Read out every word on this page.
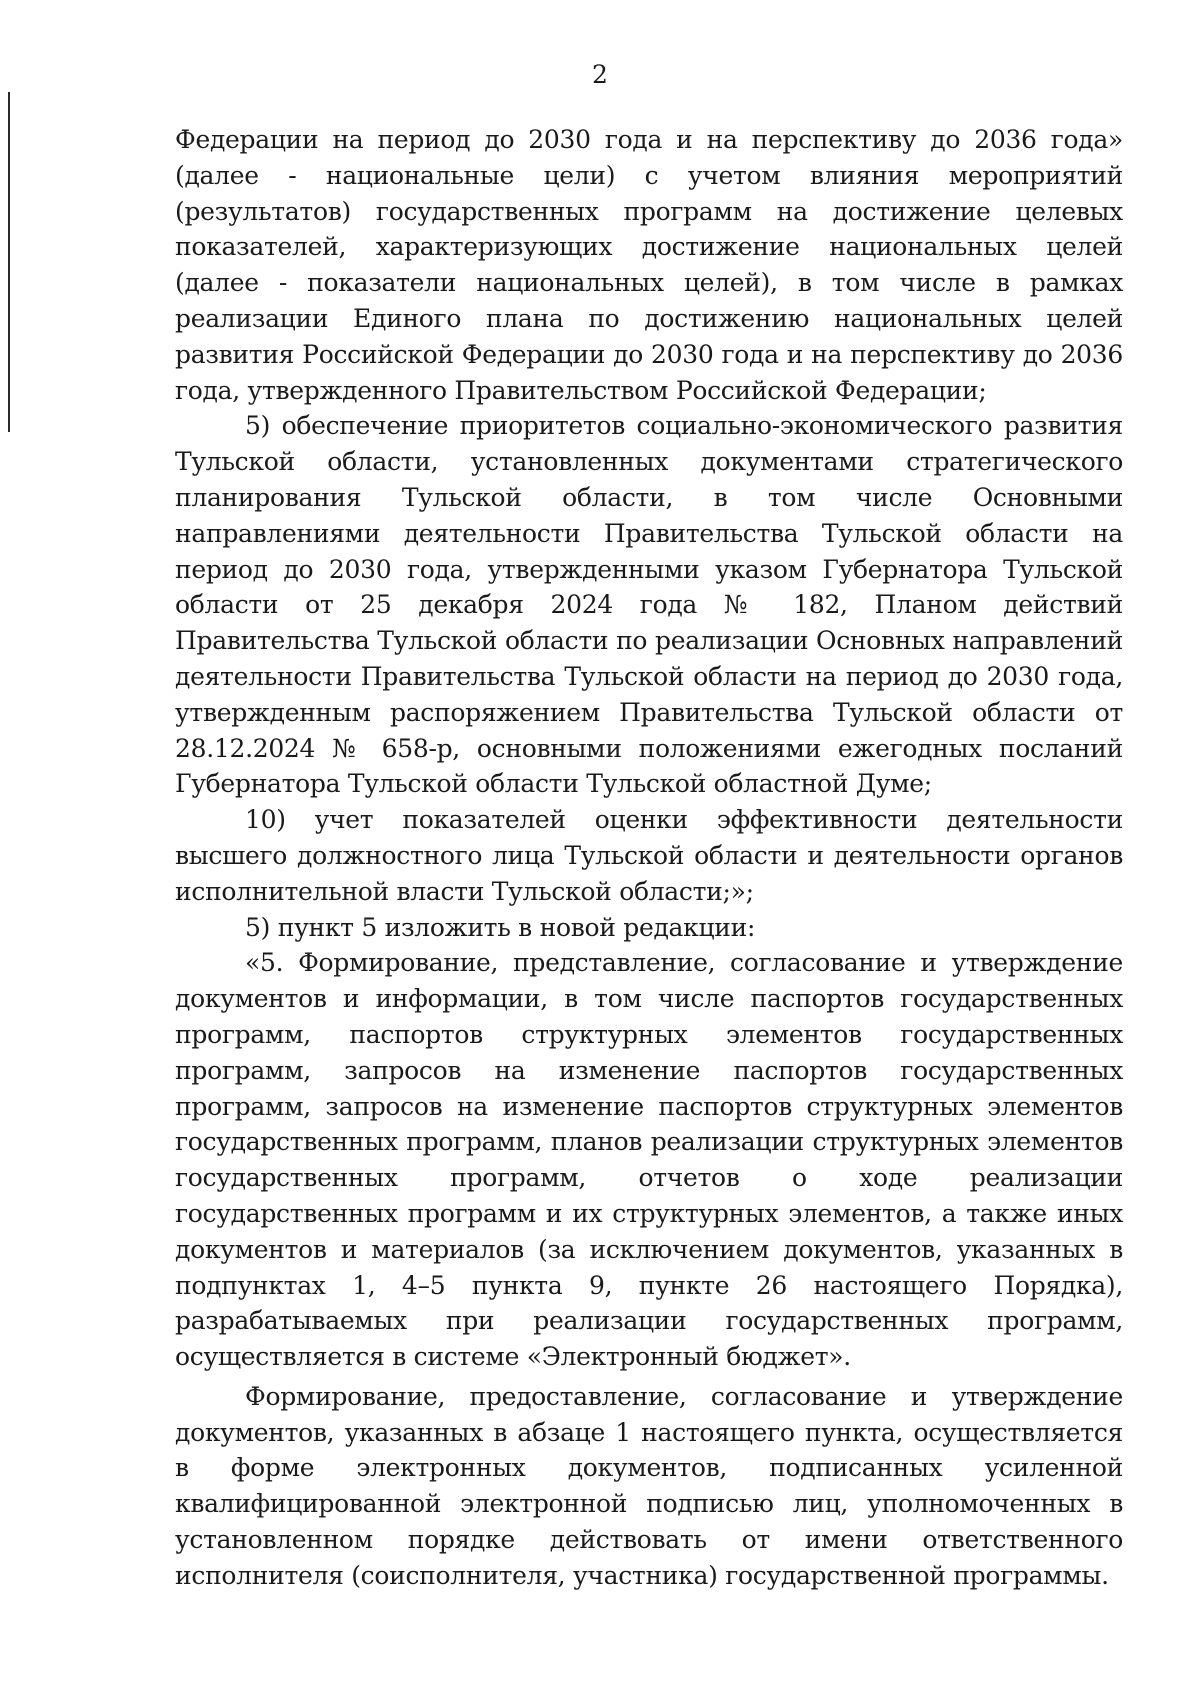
2

Федерации на период до 2030 года и на перспективу до 2036 года» (далее - национальные цели) с учетом влияния мероприятий (результатов) государственных программ на достижение целевых показателей, характеризующих достижение национальных целей (далее - показатели национальных целей), в том числе в рамках реализации Единого плана по достижению национальных целей развития Российской Федерации до 2030 года и на перспективу до 2036 года, утвержденного Правительством Российской Федерации;

5) обеспечение приоритетов социально-экономического развития Тульской области, установленных документами стратегического планирования Тульской области, в том числе Основными направлениями деятельности Правительства Тульской области на период до 2030 года, утвержденными указом Губернатора Тульской области от 25 декабря 2024 года № 182, Планом действий Правительства Тульской области по реализации Основных направлений деятельности Правительства Тульской области на период до 2030 года, утвержденным распоряжением Правительства Тульской области от 28.12.2024 № 658-р, основными положениями ежегодных посланий Губернатора Тульской области Тульской областной Думе;

10) учет показателей оценки эффективности деятельности высшего должностного лица Тульской области и деятельности органов исполнительной власти Тульской области;»;

5) пункт 5 изложить в новой редакции:

«5. Формирование, представление, согласование и утверждение документов и информации, в том числе паспортов государственных программ, паспортов структурных элементов государственных программ, запросов на изменение паспортов государственных программ, запросов на изменение паспортов структурных элементов государственных программ, планов реализации структурных элементов государственных программ, отчетов о ходе реализации государственных программ и их структурных элементов, а также иных документов и материалов (за исключением документов, указанных в подпунктах 1, 4–5 пункта 9, пункте 26 настоящего Порядка), разрабатываемых при реализации государственных программ, осуществляется в системе «Электронный бюджет».

Формирование, предоставление, согласование и утверждение документов, указанных в абзаце 1 настоящего пункта, осуществляется в форме электронных документов, подписанных усиленной квалифицированной электронной подписью лиц, уполномоченных в установленном порядке действовать от имени ответственного исполнителя (соисполнителя, участника) государственной программы.
